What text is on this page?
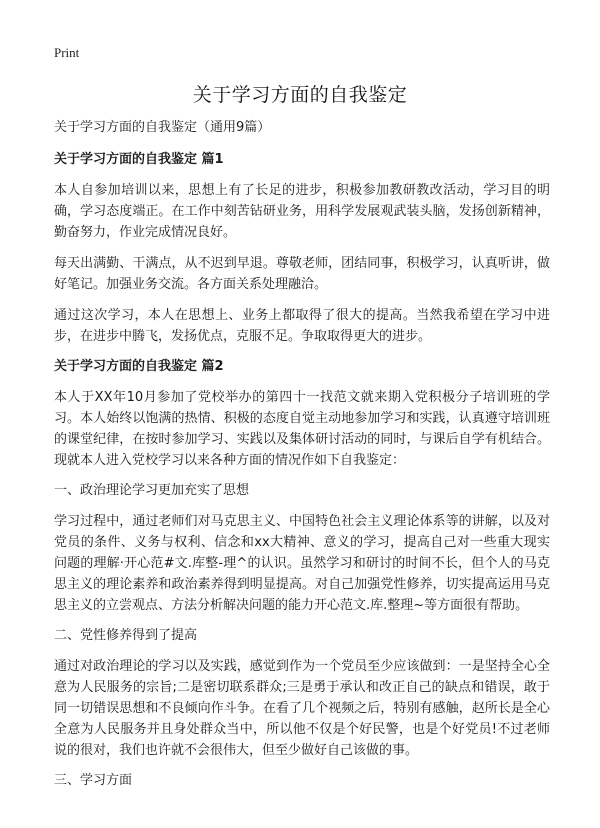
Print
关于学习方面的自我鉴定

关于学习方面的自我鉴定（通用9篇）

关于学习方面的自我鉴定 篇1

本人自参加培训以来，思想上有了长足的进步，积极参加教研教改活动，学习目的明确，学习态度端正。在工作中刻苦钻研业务，用科学发展观武装头脑，发扬创新精神，勤奋努力，作业完成情况良好。

每天出满勤、干满点，从不迟到早退。尊敬老师，团结同事，积极学习，认真听讲，做好笔记。加强业务交流。各方面关系处理融洽。

通过这次学习，本人在思想上、业务上都取得了很大的提高。当然我希望在学习中进步，在进步中腾飞，发扬优点，克服不足。争取取得更大的进步。

关于学习方面的自我鉴定 篇2

本人于XX年10月参加了党校举办的第四十一找范文就来期入党积极分子培训班的学习。本人始终以饱满的热情、积极的态度自觉主动地参加学习和实践，认真遵守培训班的课堂纪律，在按时参加学习、实践以及集体研讨活动的同时，与课后自学有机结合。现就本人进入党校学习以来各种方面的情况作如下自我鉴定：

一、政治理论学习更加充实了思想

学习过程中，通过老师们对马克思主义、中国特色社会主义理论体系等的讲解，以及对党员的条件、义务与权利、信念和xx大精神、意义的学习，提高自己对一些重大现实问题的理解·开心范#文.库整-理^的认识。虽然学习和研讨的时间不长，但个人的马克思主义的理论素养和政治素养得到明显提高。对自己加强党性修养，切实提高运用马克思主义的立尝观点、方法分析解决问题的能力开心范文.库.整理~等方面很有帮助。

二、党性修养得到了提高

通过对政治理论的学习以及实践，感觉到作为一个党员至少应该做到：一是坚持全心全意为人民服务的宗旨;二是密切联系群众;三是勇于承认和改正自己的缺点和错误，敢于同一切错误思想和不良倾向作斗争。在看了几个视频之后，特别有感触，赵所长是全心全意为人民服务并且身处群众当中，所以他不仅是个好民警，也是个好党员!不过老师说的很对，我们也许就不会很伟大，但至少做好自己该做的事。

三、学习方面
